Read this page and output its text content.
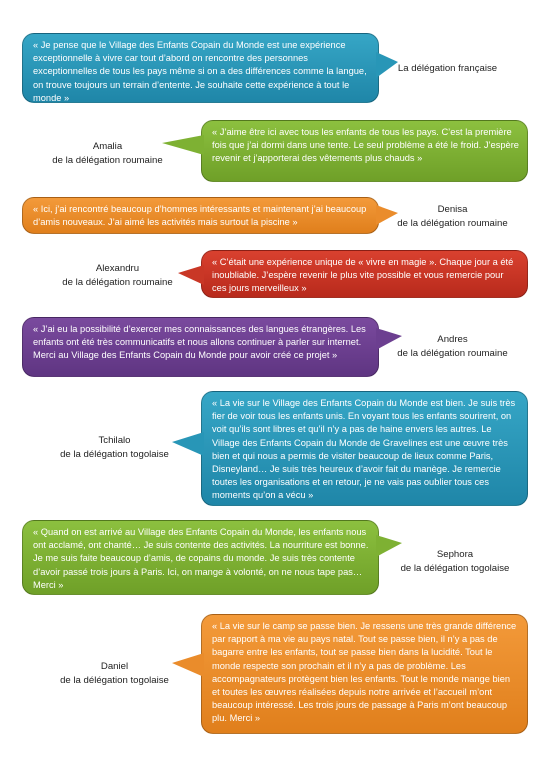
« Je pense que le Village des Enfants Copain du Monde est une expérience exceptionnelle à vivre car tout d’abord on rencontre des personnes exceptionnelles de tous les pays même si on a des différences comme la langue, on trouve toujours un terrain d’entente. Je souhaite cette expérience à tout le monde »
La délégation française
« J’aime être ici avec tous les enfants de tous les pays. C’est la première fois que j’ai dormi dans une tente. Le seul problème a été le froid. J’espère revenir et j’apporterai des vêtements plus chauds »
Amalia
de la délégation roumaine
« Ici, j’ai rencontré beaucoup d’hommes intéressants et maintenant j’ai beaucoup d’amis nouveaux. J’ai aimé les activités mais surtout la piscine »
Denisa
de la délégation roumaine
« C’était une expérience unique de « vivre en magie ». Chaque jour a été inoubliable. J’espère revenir le plus vite possible et vous remercie pour ces jours merveilleux »
Alexandru
de la délégation roumaine
« J’ai eu la possibilité d’exercer mes connaissances des langues étrangères. Les enfants ont été très communicatifs et nous allons continuer à parler sur internet. Merci au Village des Enfants Copain du Monde pour avoir créé ce projet »
Andres
de la délégation roumaine
« La vie sur le Village des Enfants Copain du Monde est bien. Je suis très fier de voir tous les enfants unis. En voyant tous les enfants sourirent, on voit qu’ils sont libres et qu’il n’y a pas de haine envers les autres. Le Village des Enfants Copain du Monde de Gravelines est une œuvre très bien et qui nous a permis de visiter beaucoup de lieux comme Paris, Disneyland… Je suis très heureux d’avoir fait du manège. Je remercie toutes les organisations et en retour, je ne vais pas oublier tous ces moments qu’on a vécu »
Tchilalo
de la délégation togolaise
« Quand on est arrivé au Village des Enfants Copain du Monde, les enfants nous ont acclamé, ont chanté… Je suis contente des activités. La nourriture est bonne. Je me suis faite beaucoup d’amis, de copains du monde. Je suis très contente d’avoir passé trois jours à Paris. Ici, on mange à volonté, on ne nous tape pas… Merci »
Sephora
de la délégation togolaise
« La vie sur le camp se passe bien. Je ressens une très grande différence par rapport à ma vie au pays natal. Tout se passe bien, il n’y a pas de bagarre entre les enfants, tout se passe bien dans la lucidité. Tout le monde respecte son prochain et il n’y a pas de problème. Les accompagnateurs protègent bien les enfants. Tout le monde mange bien et toutes les œuvres réalisées depuis notre arrivée et l’accueil m’ont beaucoup intéressé. Les trois jours de passage à Paris m’ont beaucoup plu. Merci »
Daniel
de la délégation togolaise
